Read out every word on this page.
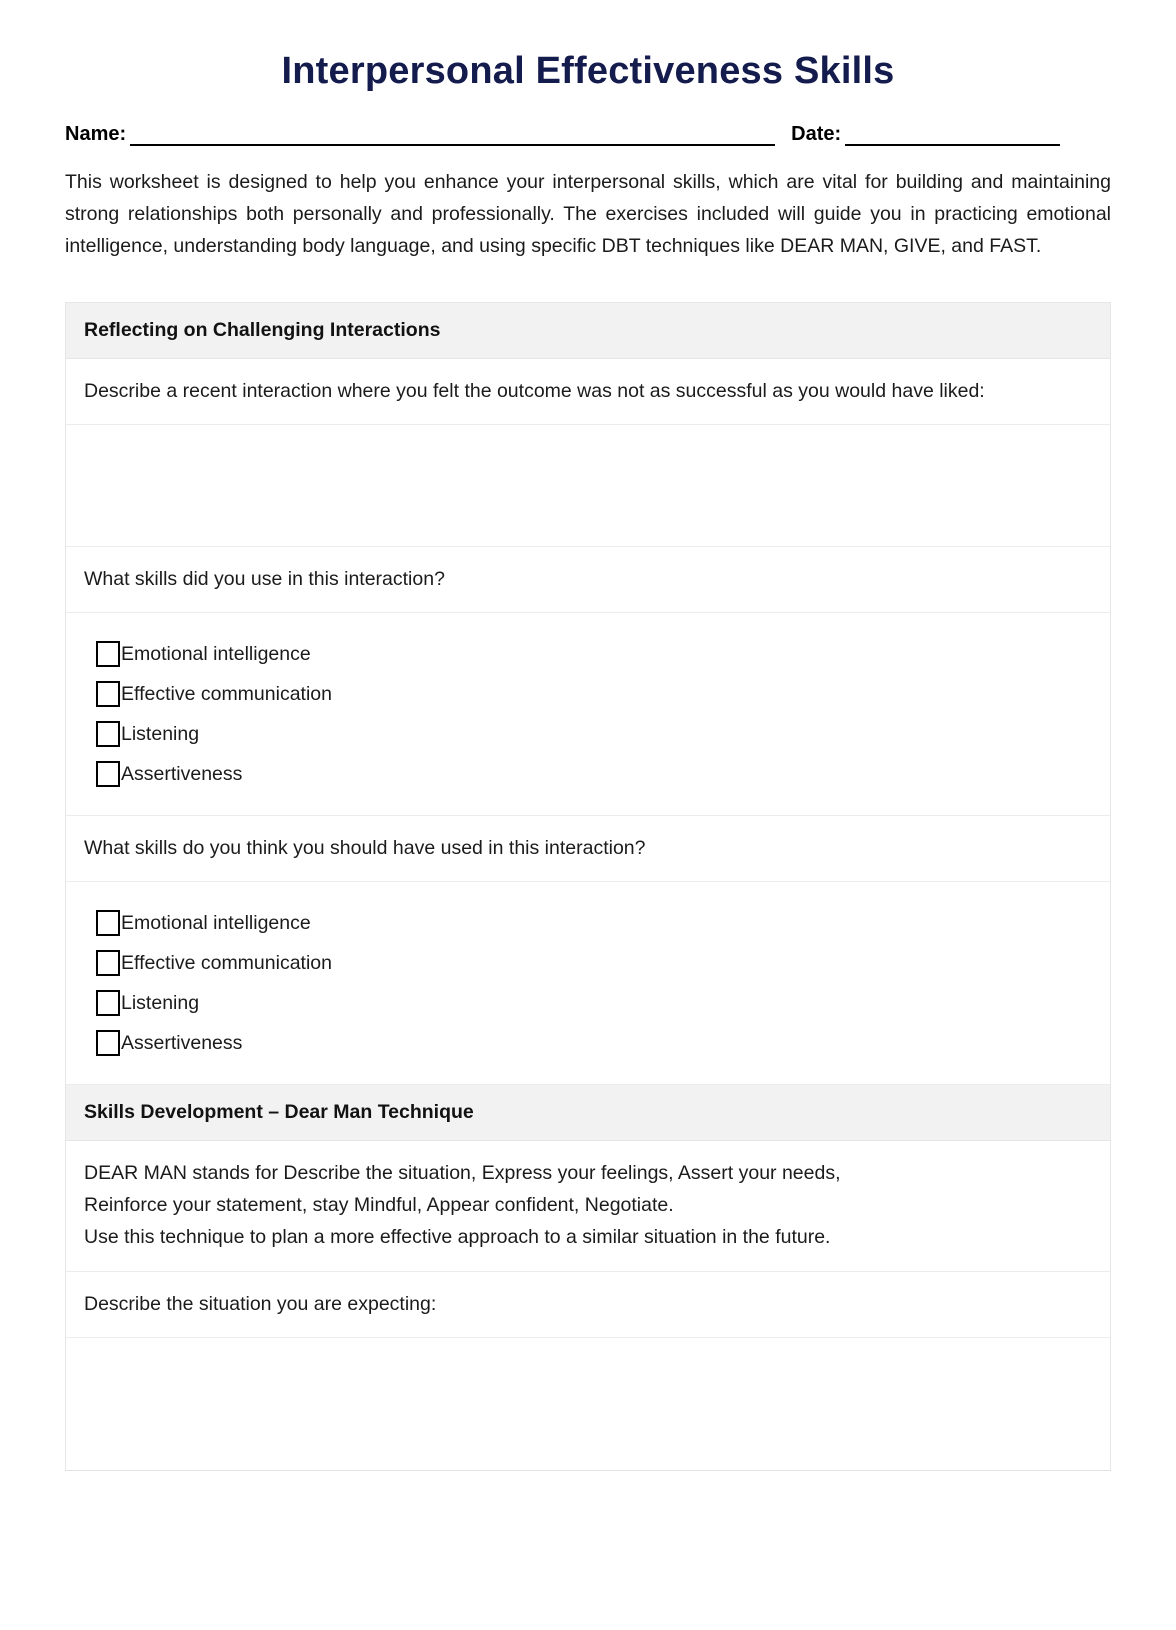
Interpersonal Effectiveness Skills
Name:	Date:

This worksheet is designed to help you enhance your interpersonal skills, which are vital for building and maintaining strong relationships both personally and professionally. The exercises included will guide you in practicing emotional intelligence, understanding body language, and using specific DBT techniques like DEAR MAN, GIVE, and FAST.

Reflecting on Challenging Interactions
Describe a recent interaction where you felt the outcome was not as successful as you would have liked:
What skills did you use in this interaction?
Emotional intelligence
Effective communication
Listening
Assertiveness
What skills do you think you should have used in this interaction?
Emotional intelligence
Effective communication
Listening
Assertiveness
Skills Development – Dear Man Technique
DEAR MAN stands for Describe the situation, Express your feelings, Assert your needs,
Reinforce your statement, stay Mindful, Appear confident, Negotiate.
Use this technique to plan a more effective approach to a similar situation in the future.
Describe the situation you are expecting:
